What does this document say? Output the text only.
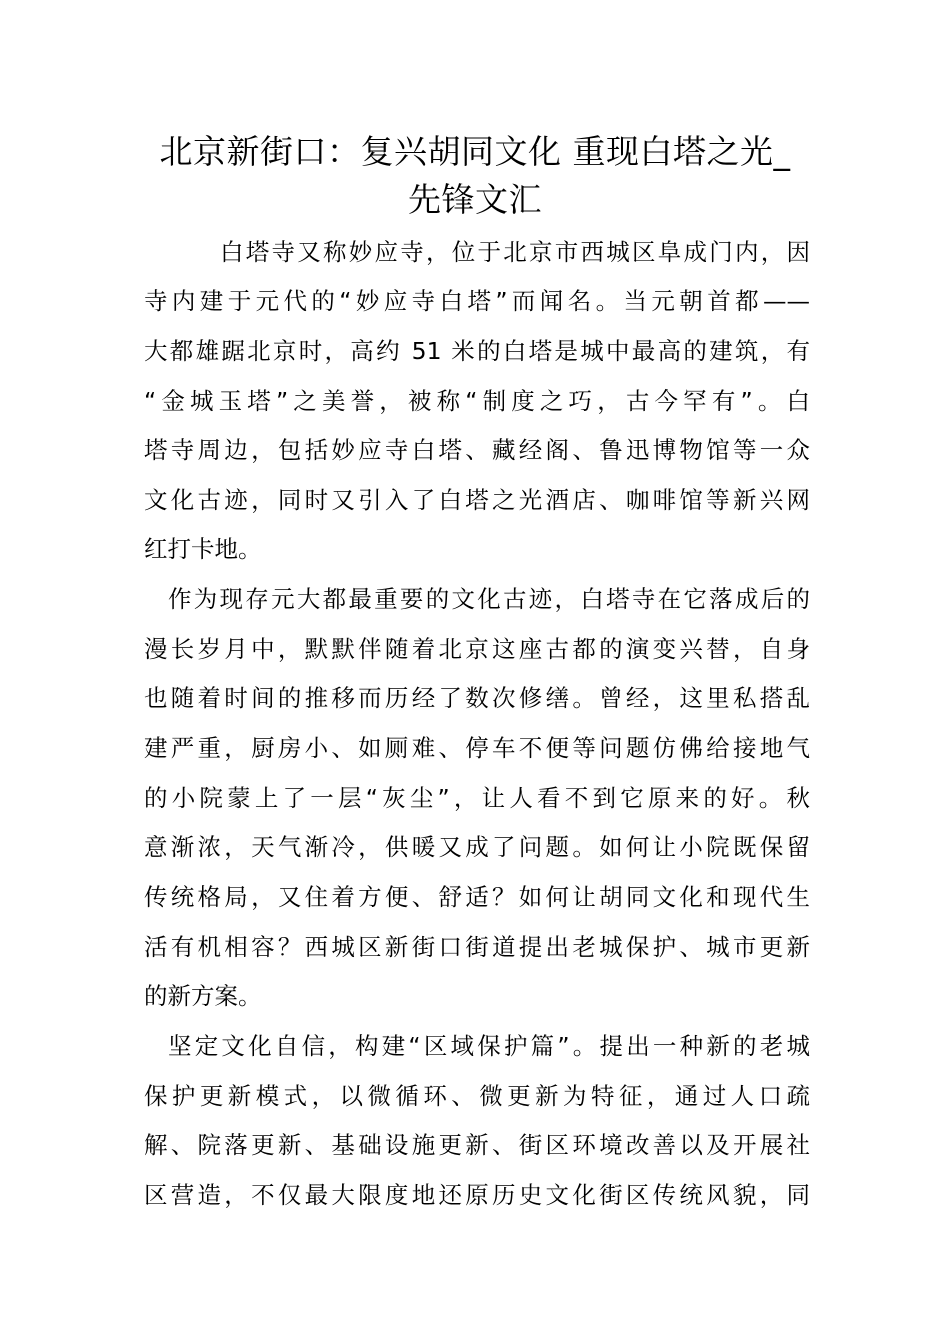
北京新街口：复兴胡同文化 重现白塔之光_
先锋文汇

白塔寺又称妙应寺，位于北京市西城区阜成门内，因

寺内建于元代的“妙应寺白塔”而闻名。当元朝首都——

大都雄踞北京时，高约 51 米的白塔是城中最高的建筑，有

“金城玉塔”之美誉，被称“制度之巧，古今罕有”。白

塔寺周边，包括妙应寺白塔、藏经阁、鲁迅博物馆等一众

文化古迹，同时又引入了白塔之光酒店、咖啡馆等新兴网

红打卡地。

作为现存元大都最重要的文化古迹，白塔寺在它落成后的

漫长岁月中，默默伴随着北京这座古都的演变兴替，自身

也随着时间的推移而历经了数次修缮。曾经，这里私搭乱

建严重，厨房小、如厕难、停车不便等问题仿佛给接地气

的小院蒙上了一层“灰尘”，让人看不到它原来的好。秋

意渐浓，天气渐冷，供暖又成了问题。如何让小院既保留

传统格局，又住着方便、舒适？如何让胡同文化和现代生

活有机相容？西城区新街口街道提出老城保护、城市更新

的新方案。

坚定文化自信，构建“区域保护篇”。提出一种新的老城

保护更新模式，以微循环、微更新为特征，通过人口疏

解、院落更新、基础设施更新、街区环境改善以及开展社

区营造，不仅最大限度地还原历史文化街区传统风貌，同
